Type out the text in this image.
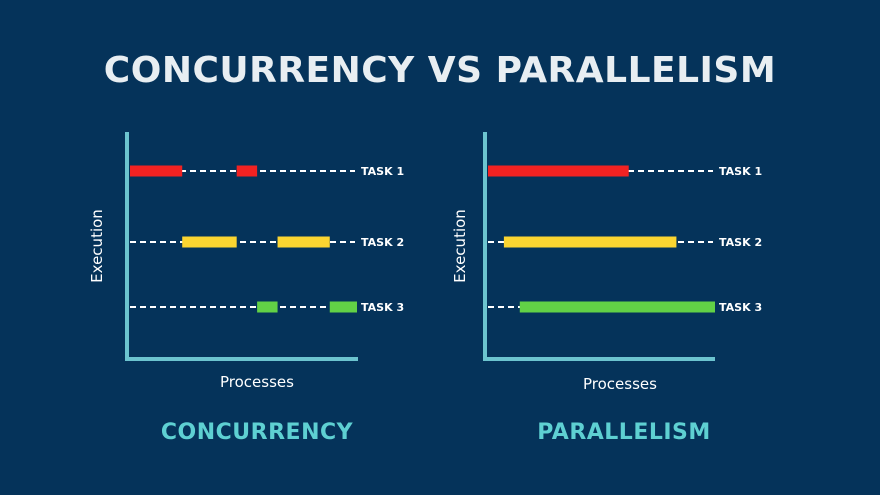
CONCURRENCY VS PARALLELISM
Execution
Processes
TASK 1
TASK 2
TASK 3
Execution
Processes
TASK 1
TASK 2
TASK 3
CONCURRENCY	PARALLELISM
